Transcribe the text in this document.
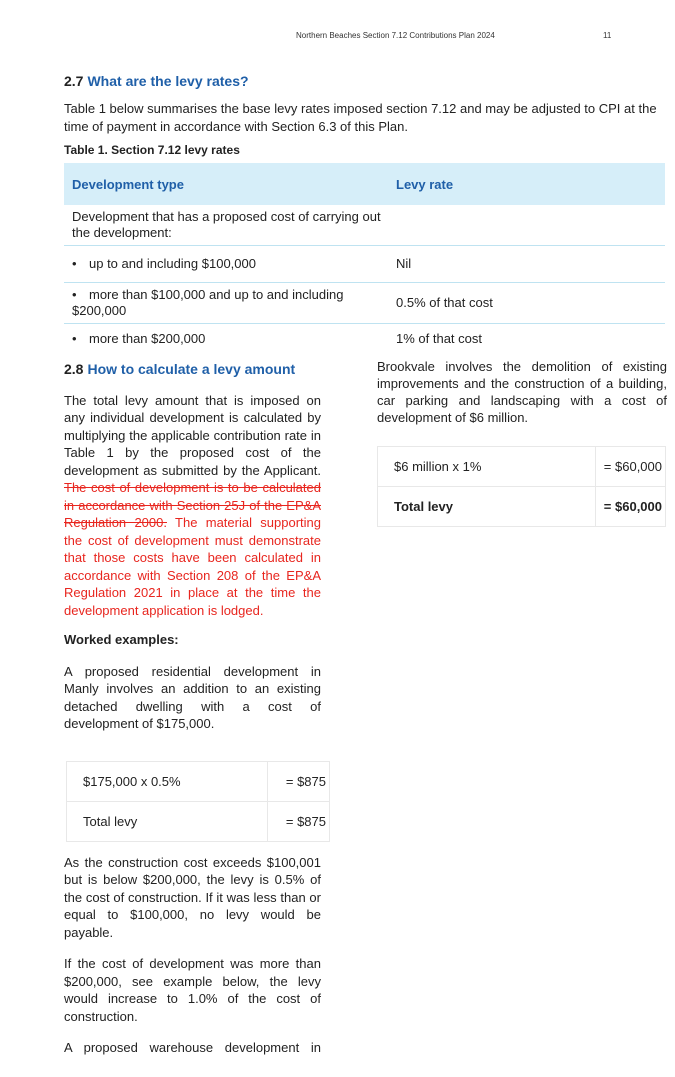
Northern Beaches Section 7.12 Contributions Plan 2024	11
2.7 What are the levy rates?
Table 1 below summarises the base levy rates imposed section 7.12 and may be adjusted to CPI at the time of payment in accordance with Section 6.3 of this Plan.
Table 1. Section 7.12 levy rates
Development type	Levy rate
Development that has a proposed cost of carrying out the development:	
• up to and including $100,000	Nil
• more than $100,000 and up to and including $200,000	0.5% of that cost
• more than $200,000	1% of that cost
2.8 How to calculate a levy amount
The total levy amount that is imposed on any individual development is calculated by multiplying the applicable contribution rate in Table 1 by the proposed cost of the development as submitted by the Applicant. The cost of development is to be calculated in accordance with Section 25J of the EP&A Regulation 2000. The material supporting the cost of development must demonstrate that those costs have been calculated in accordance with Section 208 of the EP&A Regulation 2021 in place at the time the development application is lodged.
Worked examples:
A proposed residential development in Manly involves an addition to an existing detached dwelling with a cost of development of $175,000.
$175,000 x 0.5%	= $875
Total levy	= $875
As the construction cost exceeds $100,001 but is below $200,000, the levy is 0.5% of the cost of construction. If it was less than or equal to $100,000, no levy would be payable.
If the cost of development was more than $200,000, see example below, the levy would increase to 1.0% of the cost of construction.
A proposed warehouse development in
Brookvale involves the demolition of existing improvements and the construction of a building, car parking and landscaping with a cost of development of $6 million.
$6 million x 1%	= $60,000
Total levy	= $60,000
